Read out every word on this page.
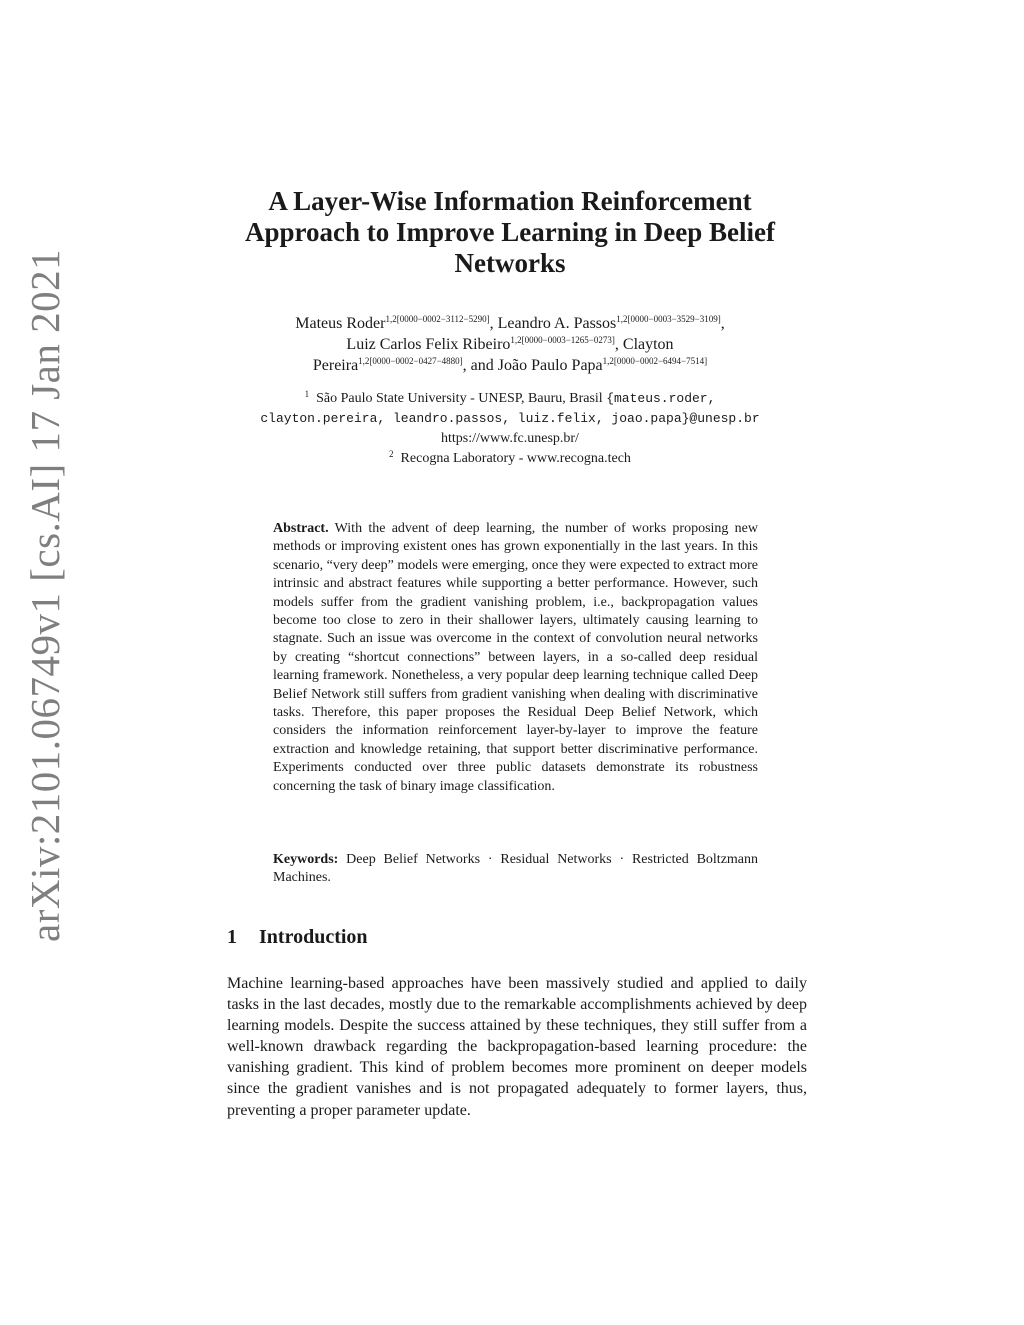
arXiv:2101.06749v1 [cs.AI] 17 Jan 2021
A Layer-Wise Information Reinforcement
Approach to Improve Learning in Deep Belief
Networks
Mateus Roder$^{1,2[0000-0002-3112-5290]}$, Leandro A. Passos$^{1,2[0000-0003-3529-3109]}$,
Luiz Carlos Felix Ribeiro$^{1,2[0000-0003-1265-0273]}$, Clayton
Pereira$^{1,2[0000-0002-0427-4880]}$, and João Paulo Papa$^{1,2[0000-0002-6494-7514]}$
$^1$ São Paulo State University - UNESP, Bauru, Brasil {mateus.roder,
clayton.pereira, leandro.passos, luiz.felix, joao.papa}@unesp.br
https://www.fc.unesp.br/
$^2$ Recogna Laboratory - www.recogna.tech
Abstract. With the advent of deep learning, the number of works proposing new methods or improving existent ones has grown exponentially in the last years. In this scenario, “very deep” models were emerging, once they were expected to extract more intrinsic and abstract features while supporting a better performance. However, such models suffer from the gradient vanishing problem, i.e., backpropagation values become too close to zero in their shallower layers, ultimately causing learning to stagnate. Such an issue was overcome in the context of convolution neural networks by creating “shortcut connections” between layers, in a so-called deep residual learning framework. Nonetheless, a very popular deep learning technique called Deep Belief Network still suffers from gradient vanishing when dealing with discriminative tasks. Therefore, this paper proposes the Residual Deep Belief Network, which considers the information reinforcement layer-by-layer to improve the feature extraction and knowledge retaining, that support better discriminative performance. Experiments conducted over three public datasets demonstrate its robustness concerning the task of binary image classification.
Keywords: Deep Belief Networks · Residual Networks · Restricted Boltzmann Machines.
1 Introduction
Machine learning-based approaches have been massively studied and applied to daily tasks in the last decades, mostly due to the remarkable accomplishments achieved by deep learning models. Despite the success attained by these techniques, they still suffer from a well-known drawback regarding the backpropagation-based learning procedure: the vanishing gradient. This kind of problem becomes more prominent on deeper models since the gradient vanishes and is not propagated adequately to former layers, thus, preventing a proper parameter update.
